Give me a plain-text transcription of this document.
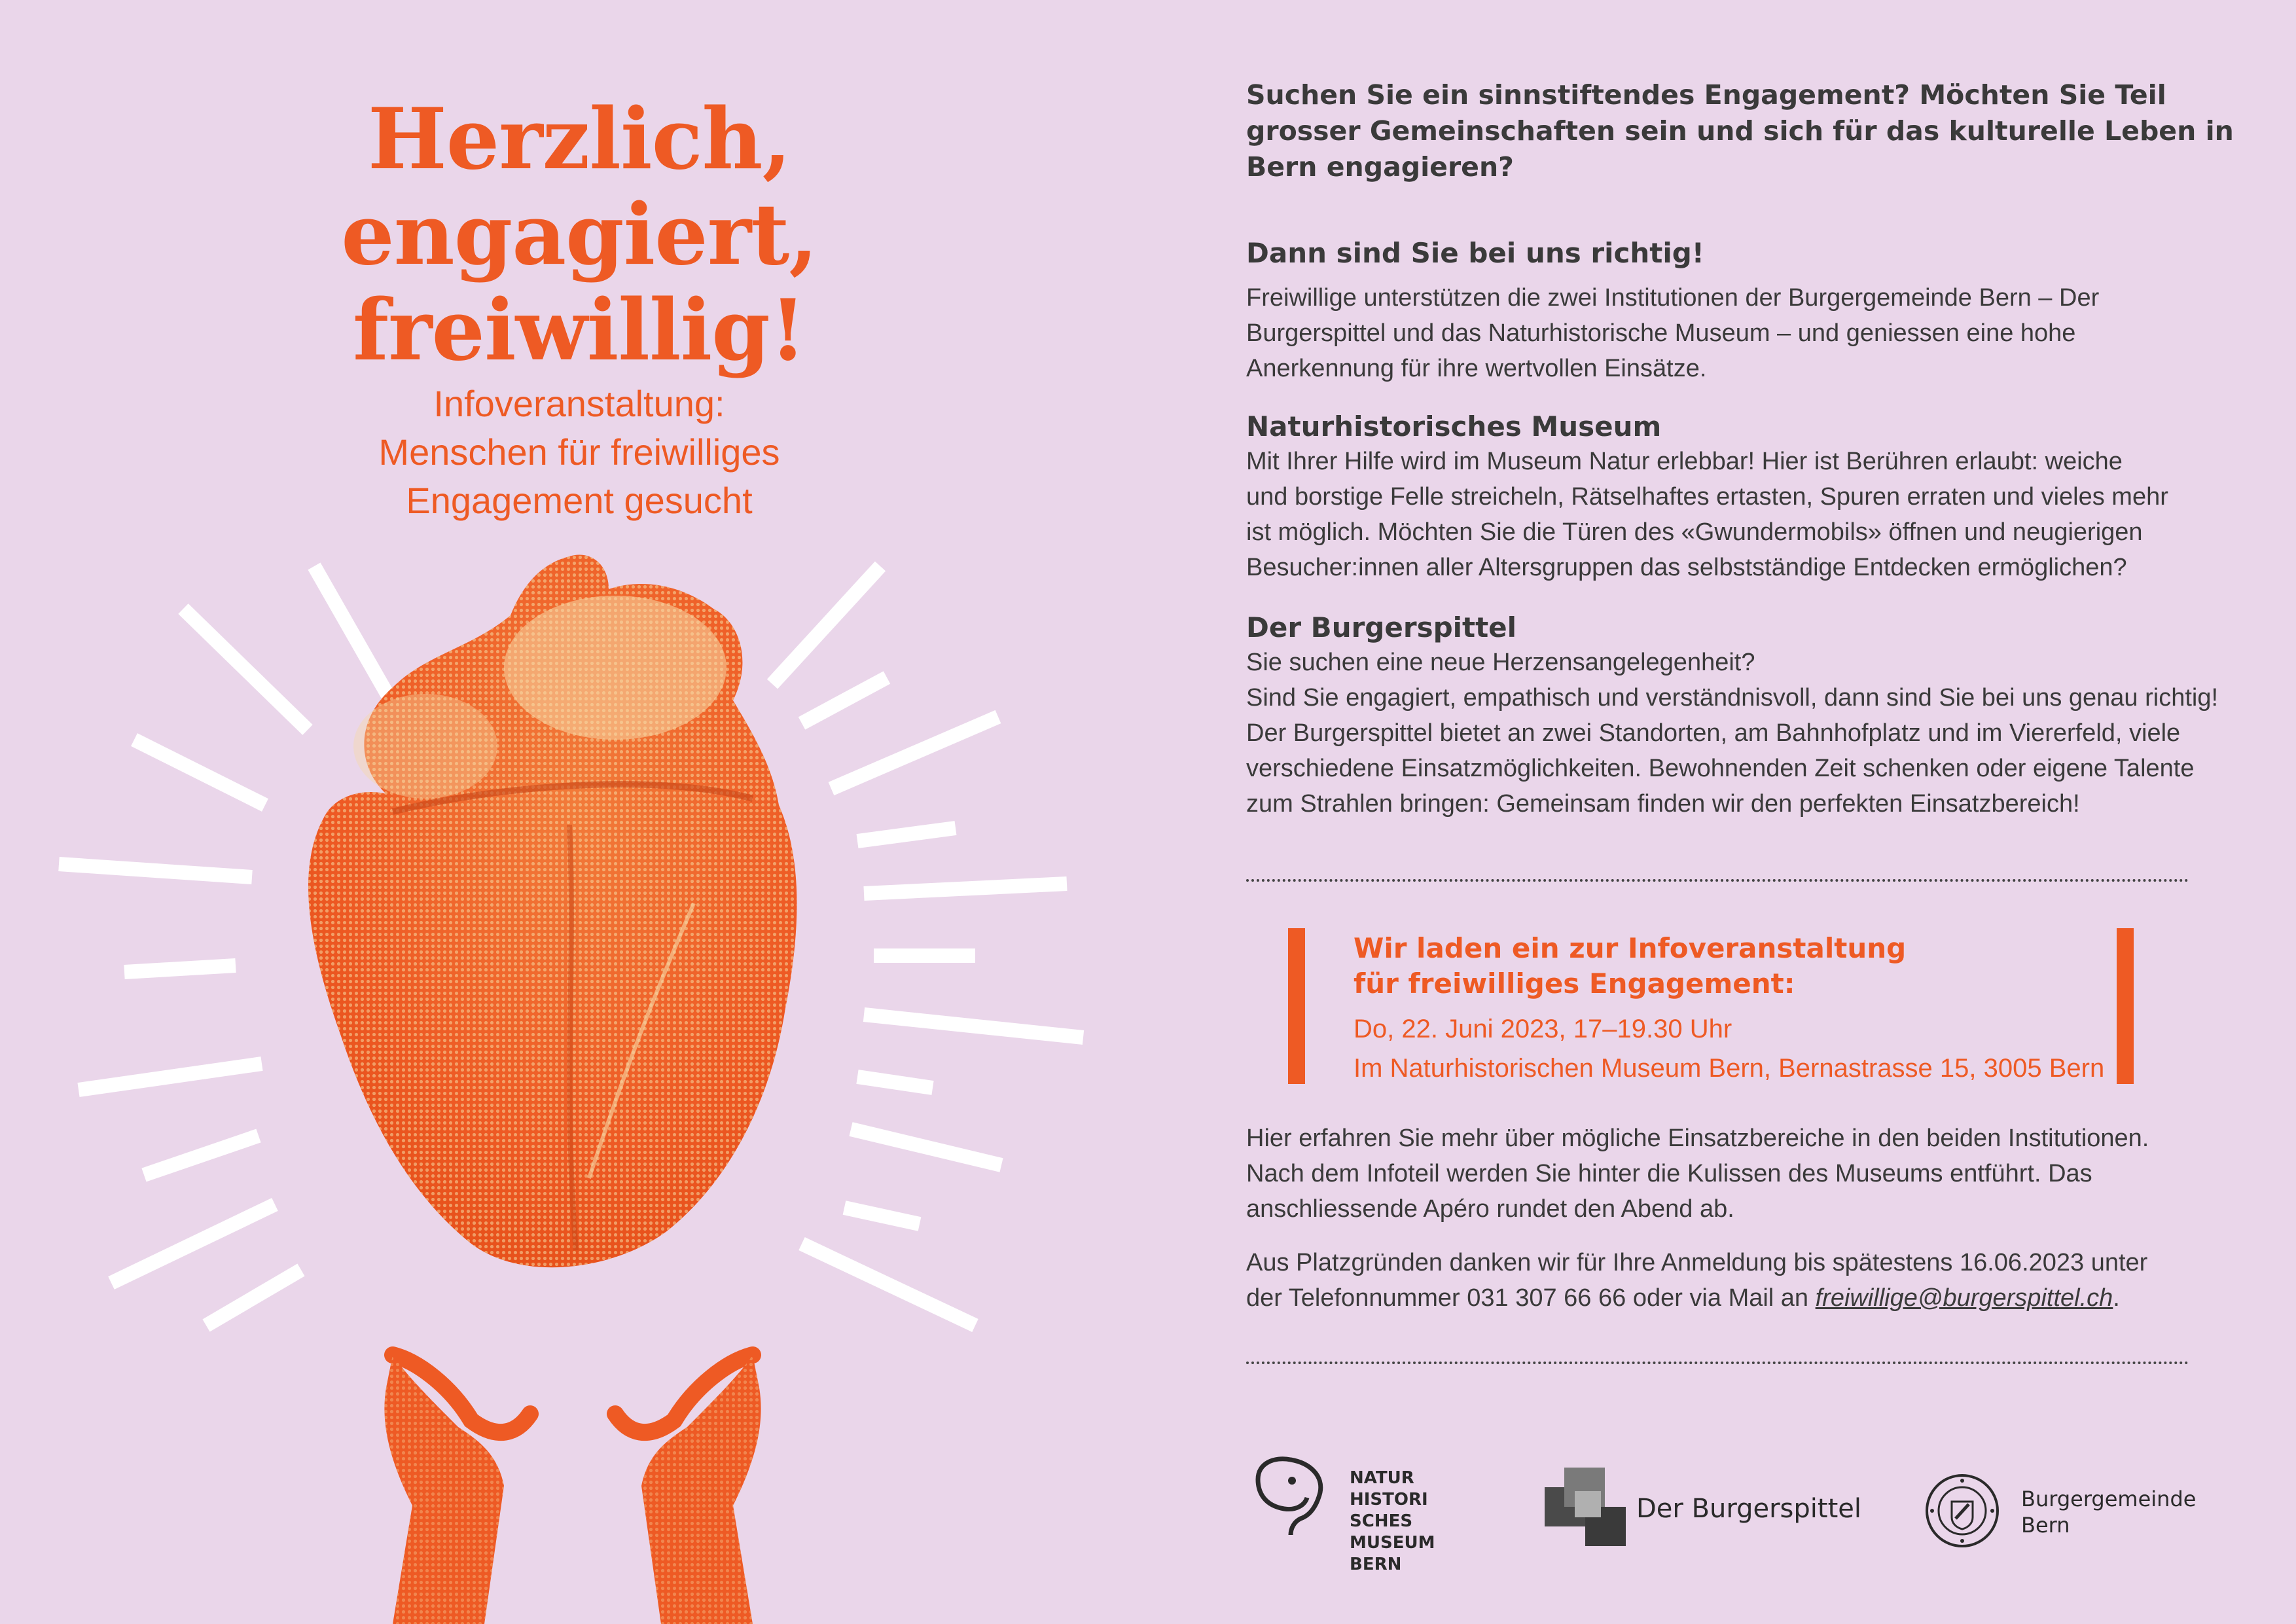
Herzlich,
engagiert,
freiwillig!
Infoveranstaltung:
Menschen für freiwilliges
Engagement gesucht
Suchen Sie ein sinnstiftendes Engagement? Möchten Sie Teil
grosser Gemeinschaften sein und sich für das kulturelle Leben in
Bern engagieren?
Dann sind Sie bei uns richtig!
Freiwillige unterstützen die zwei Institutionen der Burgergemeinde Bern – Der
Burgerspittel und das Naturhistorische Museum – und geniessen eine hohe
Anerkennung für ihre wertvollen Einsätze.
Naturhistorisches Museum
Mit Ihrer Hilfe wird im Museum Natur erlebbar! Hier ist Berühren erlaubt: weiche
und borstige Felle streicheln, Rätselhaftes ertasten, Spuren erraten und vieles mehr
ist möglich. Möchten Sie die Türen des «Gwundermobils» öffnen und neugierigen
Besucher:innen aller Altersgruppen das selbstständige Entdecken ermöglichen?
Der Burgerspittel
Sie suchen eine neue Herzensangelegenheit?
Sind Sie engagiert, empathisch und verständnisvoll, dann sind Sie bei uns genau richtig!
Der Burgerspittel bietet an zwei Standorten, am Bahnhofplatz und im Viererfeld, viele
verschiedene Einsatzmöglichkeiten. Bewohnenden Zeit schenken oder eigene Talente
zum Strahlen bringen: Gemeinsam finden wir den perfekten Einsatzbereich!
Wir laden ein zur Infoveranstaltung
für freiwilliges Engagement:
Do, 22. Juni 2023, 17–19.30 Uhr
Im Naturhistorischen Museum Bern, Bernastrasse 15, 3005 Bern
Hier erfahren Sie mehr über mögliche Einsatzbereiche in den beiden Institutionen.
Nach dem Infoteil werden Sie hinter die Kulissen des Museums entführt. Das
anschliessende Apéro rundet den Abend ab.
Aus Platzgründen danken wir für Ihre Anmeldung bis spätestens 16.06.2023 unter
der Telefonnummer 031 307 66 66 oder via Mail an freiwillige@burgerspittel.ch.
NATUR
HISTORI
SCHES
MUSEUM
BERN
Der Burgerspittel	Burgergemeinde
Bern
